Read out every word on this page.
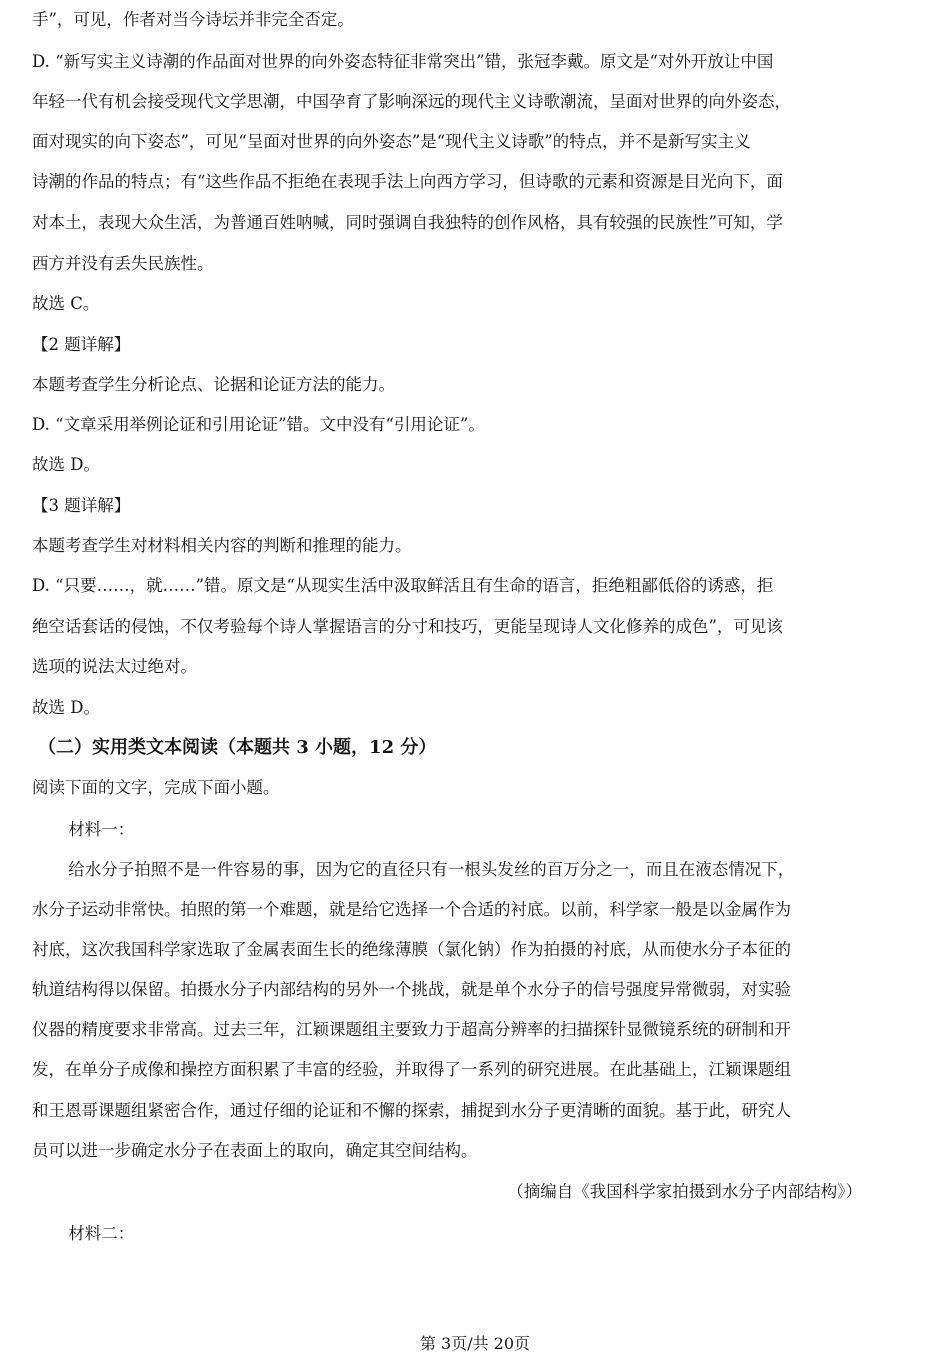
手”，可见，作者对当今诗坛并非完全否定。
D. “新写实主义诗潮的作品面对世界的向外姿态特征非常突出”错，张冠李戴。原文是“对外开放让中国
年轻一代有机会接受现代文学思潮，中国孕育了影响深远的现代主义诗歌潮流，呈面对世界的向外姿态，
面对现实的向下姿态”，可见“呈面对世界的向外姿态”是“现代主义诗歌”的特点，并不是新写实主义
诗潮的作品的特点；有“这些作品不拒绝在表现手法上向西方学习，但诗歌的元素和资源是目光向下，面
对本土，表现大众生活，为普通百姓呐喊，同时强调自我独特的创作风格，具有较强的民族性”可知，学
西方并没有丢失民族性。
故选 C。
【2 题详解】
本题考查学生分析论点、论据和论证方法的能力。
D. “文章采用举例论证和引用论证”错。文中没有“引用论证”。
故选 D。
【3 题详解】
本题考查学生对材料相关内容的判断和推理的能力。
D. “只要……，就……”错。原文是“从现实生活中汲取鲜活且有生命的语言，拒绝粗鄙低俗的诱惑，拒
绝空话套话的侵蚀，不仅考验每个诗人掌握语言的分寸和技巧，更能呈现诗人文化修养的成色”，可见该
选项的说法太过绝对。
故选 D。
（二）实用类文本阅读（本题共 3 小题，12 分）
阅读下面的文字，完成下面小题。
材料一：
给水分子拍照不是一件容易的事，因为它的直径只有一根头发丝的百万分之一，而且在液态情况下，
水分子运动非常快。拍照的第一个难题，就是给它选择一个合适的衬底。以前，科学家一般是以金属作为
衬底，这次我国科学家选取了金属表面生长的绝缘薄膜（氯化钠）作为拍摄的衬底，从而使水分子本征的
轨道结构得以保留。拍摄水分子内部结构的另外一个挑战，就是单个水分子的信号强度异常微弱，对实验
仪器的精度要求非常高。过去三年，江颖课题组主要致力于超高分辨率的扫描探针显微镜系统的研制和开
发，在单分子成像和操控方面积累了丰富的经验，并取得了一系列的研究进展。在此基础上，江颖课题组
和王恩哥课题组紧密合作，通过仔细的论证和不懈的探索，捕捉到水分子更清晰的面貌。基于此，研究人
员可以进一步确定水分子在表面上的取向，确定其空间结构。
（摘编自《我国科学家拍摄到水分子内部结构》）
材料二：
第 3页/共 20页
